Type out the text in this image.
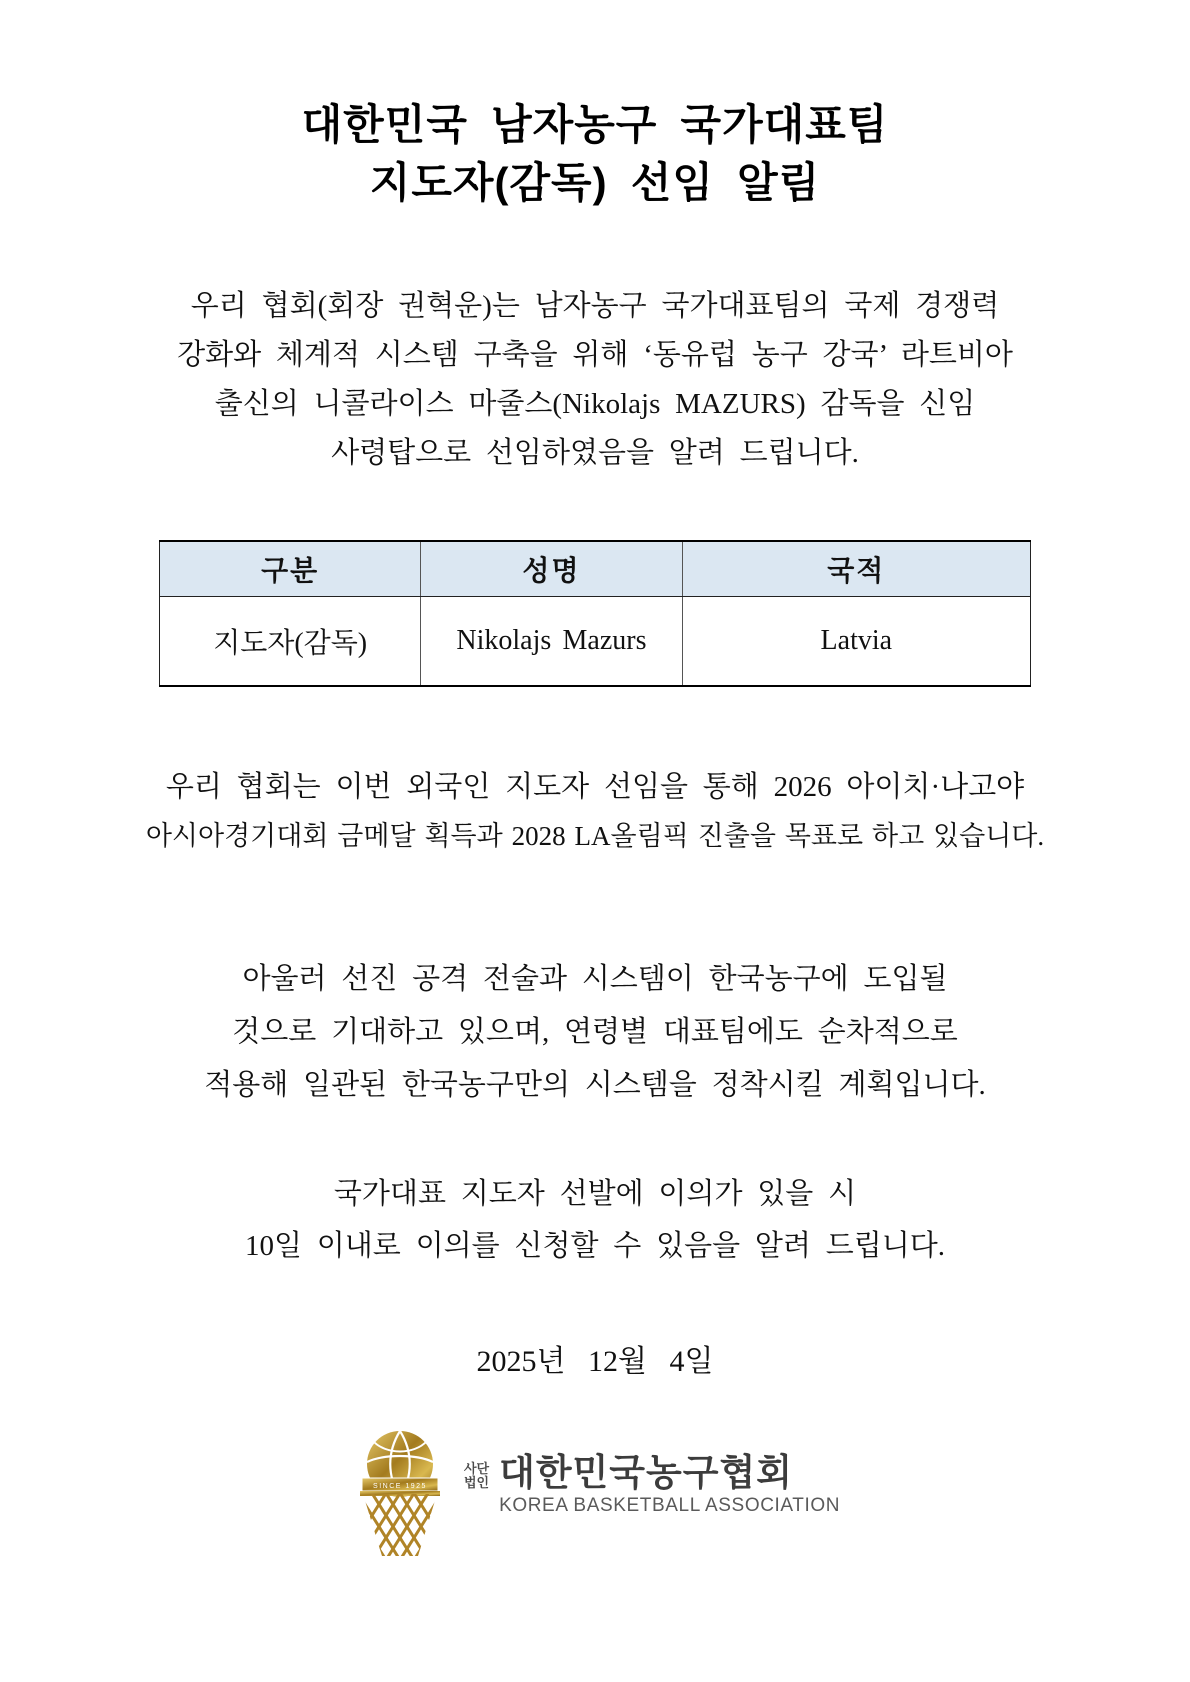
대한민국 남자농구 국가대표팀
지도자(감독) 선임 알림
우리 협회(회장 권혁운)는 남자농구 국가대표팀의 국제 경쟁력
강화와 체계적 시스템 구축을 위해 ‘동유럽 농구 강국’ 라트비아
출신의 니콜라이스 마줄스(Nikolajs MAZURS) 감독을 신임
사령탑으로 선임하였음을 알려 드립니다.
구분	성명	국적
지도자(감독)	Nikolajs Mazurs	Latvia
우리 협회는 이번 외국인 지도자 선임을 통해 2026 아이치·나고야
아시아경기대회 금메달 획득과 2028 LA올림픽 진출을 목표로 하고 있습니다.
아울러 선진 공격 전술과 시스템이 한국농구에 도입될
것으로 기대하고 있으며, 연령별 대표팀에도 순차적으로
적용해 일관된 한국농구만의 시스템을 정착시킬 계획입니다.
국가대표 지도자 선발에 이의가 있을 시
10일 이내로 이의를 신청할 수 있음을 알려 드립니다.
2025년   12월   4일
SINCE 1925
사단
법인 대한민국농구협회
KOREA BASKETBALL ASSOCIATION
